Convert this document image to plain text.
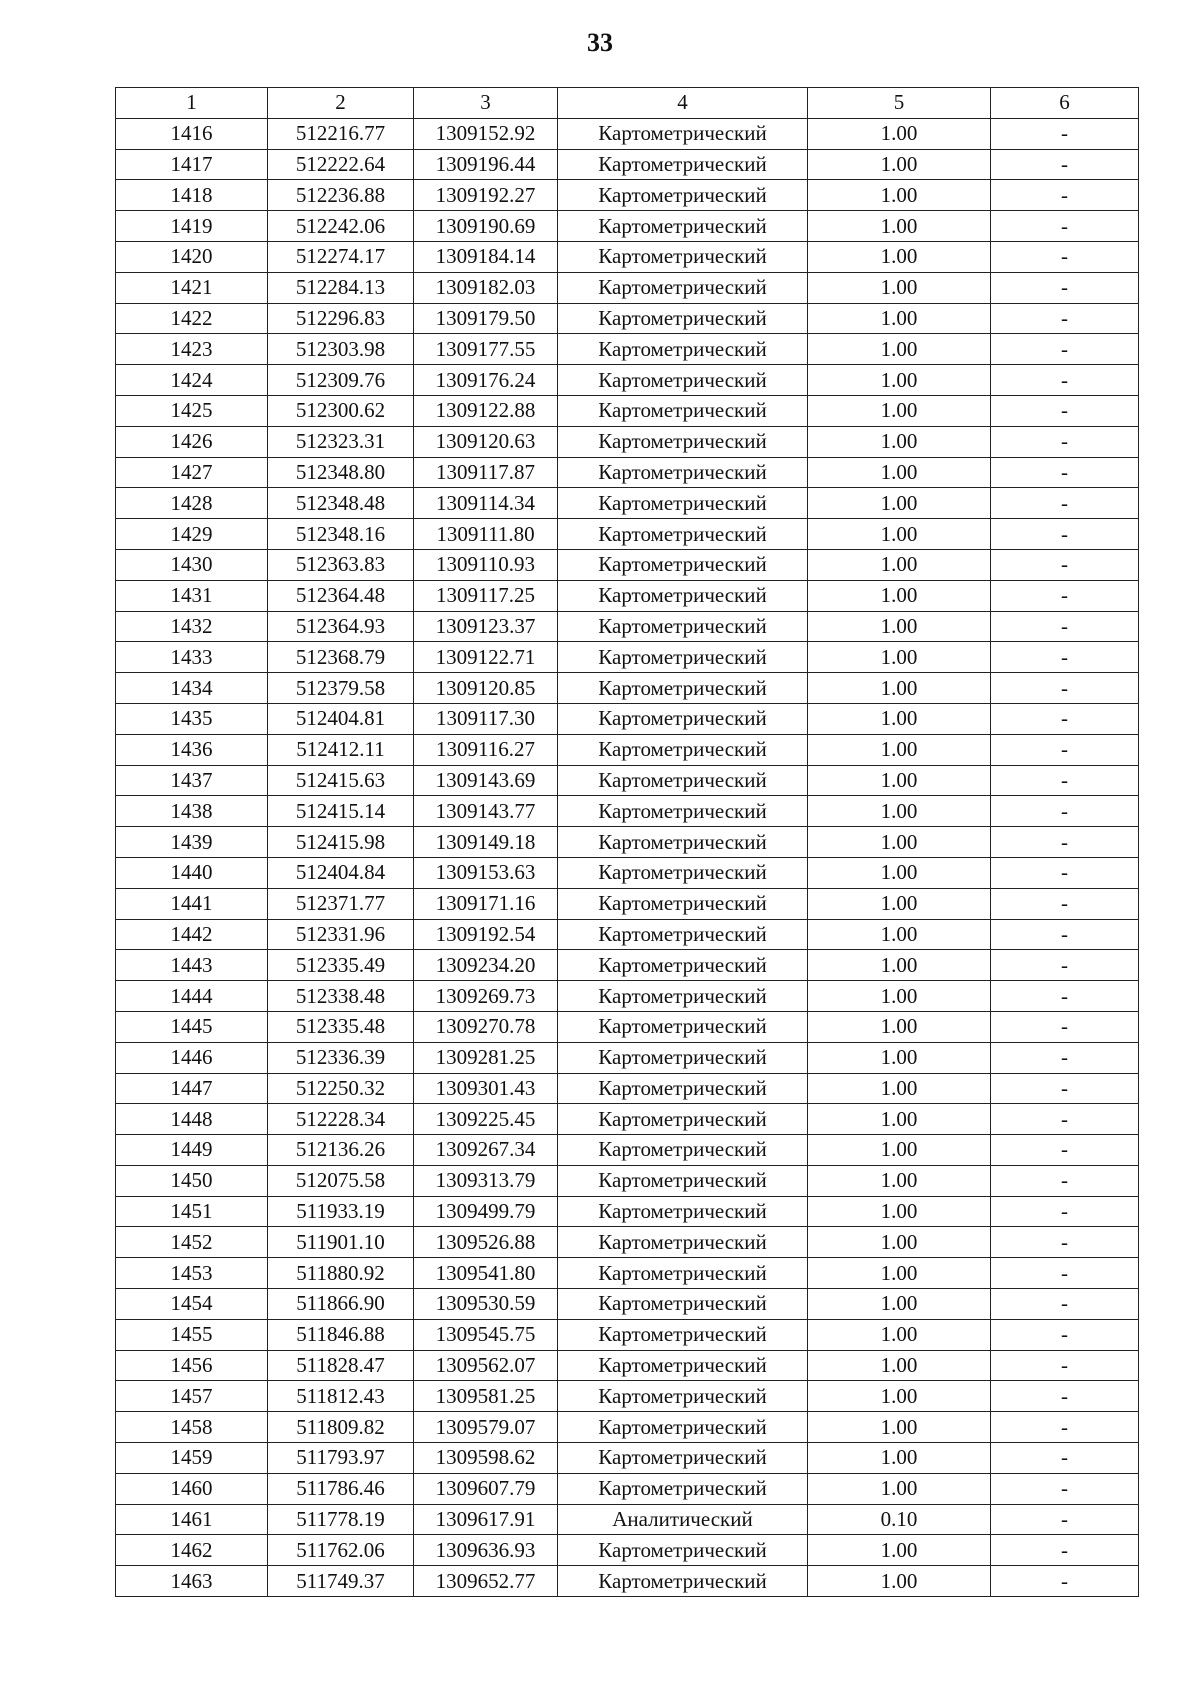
33
1	2	3	4	5	6
1416	512216.77	1309152.92	Картометрический	1.00	-
1417	512222.64	1309196.44	Картометрический	1.00	-
1418	512236.88	1309192.27	Картометрический	1.00	-
1419	512242.06	1309190.69	Картометрический	1.00	-
1420	512274.17	1309184.14	Картометрический	1.00	-
1421	512284.13	1309182.03	Картометрический	1.00	-
1422	512296.83	1309179.50	Картометрический	1.00	-
1423	512303.98	1309177.55	Картометрический	1.00	-
1424	512309.76	1309176.24	Картометрический	1.00	-
1425	512300.62	1309122.88	Картометрический	1.00	-
1426	512323.31	1309120.63	Картометрический	1.00	-
1427	512348.80	1309117.87	Картометрический	1.00	-
1428	512348.48	1309114.34	Картометрический	1.00	-
1429	512348.16	1309111.80	Картометрический	1.00	-
1430	512363.83	1309110.93	Картометрический	1.00	-
1431	512364.48	1309117.25	Картометрический	1.00	-
1432	512364.93	1309123.37	Картометрический	1.00	-
1433	512368.79	1309122.71	Картометрический	1.00	-
1434	512379.58	1309120.85	Картометрический	1.00	-
1435	512404.81	1309117.30	Картометрический	1.00	-
1436	512412.11	1309116.27	Картометрический	1.00	-
1437	512415.63	1309143.69	Картометрический	1.00	-
1438	512415.14	1309143.77	Картометрический	1.00	-
1439	512415.98	1309149.18	Картометрический	1.00	-
1440	512404.84	1309153.63	Картометрический	1.00	-
1441	512371.77	1309171.16	Картометрический	1.00	-
1442	512331.96	1309192.54	Картометрический	1.00	-
1443	512335.49	1309234.20	Картометрический	1.00	-
1444	512338.48	1309269.73	Картометрический	1.00	-
1445	512335.48	1309270.78	Картометрический	1.00	-
1446	512336.39	1309281.25	Картометрический	1.00	-
1447	512250.32	1309301.43	Картометрический	1.00	-
1448	512228.34	1309225.45	Картометрический	1.00	-
1449	512136.26	1309267.34	Картометрический	1.00	-
1450	512075.58	1309313.79	Картометрический	1.00	-
1451	511933.19	1309499.79	Картометрический	1.00	-
1452	511901.10	1309526.88	Картометрический	1.00	-
1453	511880.92	1309541.80	Картометрический	1.00	-
1454	511866.90	1309530.59	Картометрический	1.00	-
1455	511846.88	1309545.75	Картометрический	1.00	-
1456	511828.47	1309562.07	Картометрический	1.00	-
1457	511812.43	1309581.25	Картометрический	1.00	-
1458	511809.82	1309579.07	Картометрический	1.00	-
1459	511793.97	1309598.62	Картометрический	1.00	-
1460	511786.46	1309607.79	Картометрический	1.00	-
1461	511778.19	1309617.91	Аналитический	0.10	-
1462	511762.06	1309636.93	Картометрический	1.00	-
1463	511749.37	1309652.77	Картометрический	1.00	-
